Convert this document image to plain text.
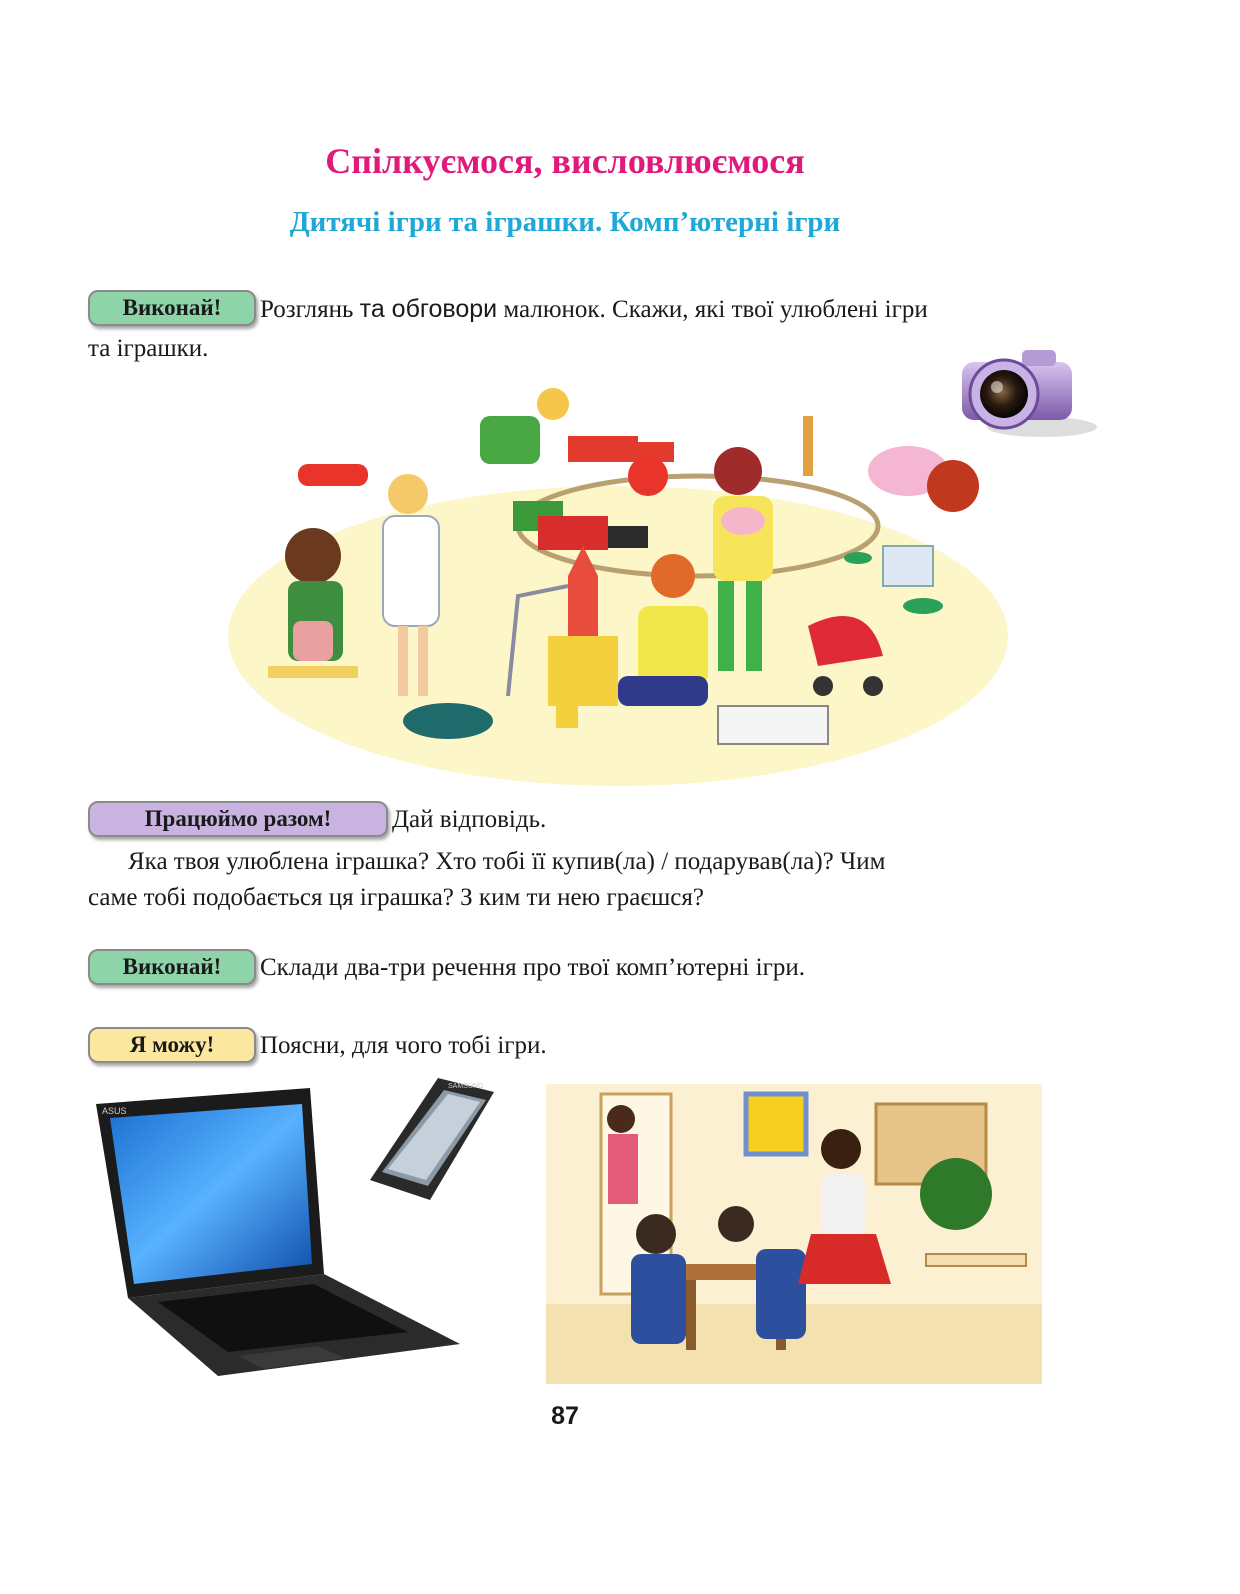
Спілкуємося, висловлюємося
Дитячі ігри та іграшки. Комп’ютерні ігри
Виконай! Розглянь та обговори малюнок. Скажи, які твої улюблені ігри
та іграшки.
Працюймо разом! Дай відповідь.
Яка твоя улюблена іграшка? Хто тобі її купив(ла) / подарував(ла)? Чим
саме тобі подобається ця іграшка? З ким ти нею граєшся?
Виконай! Склади два-три речення про твої комп’ютерні ігри.
Я можу! Поясни, для чого тобі ігри.
ASUS
SAMSUNG
87
